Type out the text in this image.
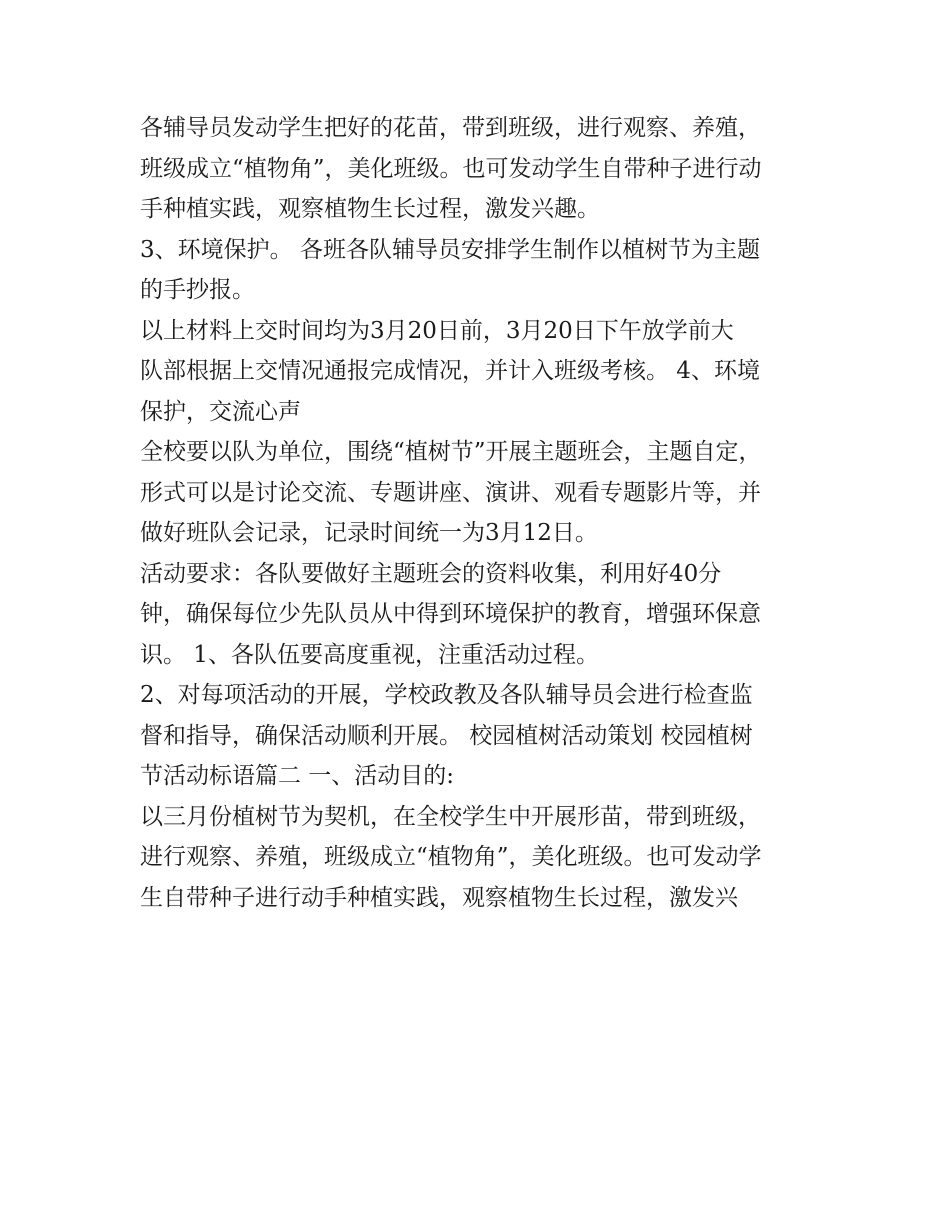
各辅导员发动学生把好的花苗，带到班级，进行观察、养殖，
班级成立“植物角”，美化班级。也可发动学生自带种子进行动
手种植实践，观察植物生长过程，激发兴趣。
3、环境保护。 各班各队辅导员安排学生制作以植树节为主题
的手抄报。
以上材料上交时间均为3月20日前，3月20日下午放学前大
队部根据上交情况通报完成情况，并计入班级考核。 4、环境
保护，交流心声
全校要以队为单位，围绕“植树节”开展主题班会，主题自定，
形式可以是讨论交流、专题讲座、演讲、观看专题影片等，并
做好班队会记录，记录时间统一为3月12日。
活动要求：各队要做好主题班会的资料收集，利用好40分
钟，确保每位少先队员从中得到环境保护的教育，增强环保意
识。 1、各队伍要高度重视，注重活动过程。
2、对每项活动的开展，学校政教及各队辅导员会进行检查监
督和指导，确保活动顺利开展。 校园植树活动策划 校园植树
节活动标语篇二 一、活动目的:
以三月份植树节为契机，在全校学生中开展形苗，带到班级，
进行观察、养殖，班级成立“植物角”，美化班级。也可发动学
生自带种子进行动手种植实践，观察植物生长过程，激发兴
